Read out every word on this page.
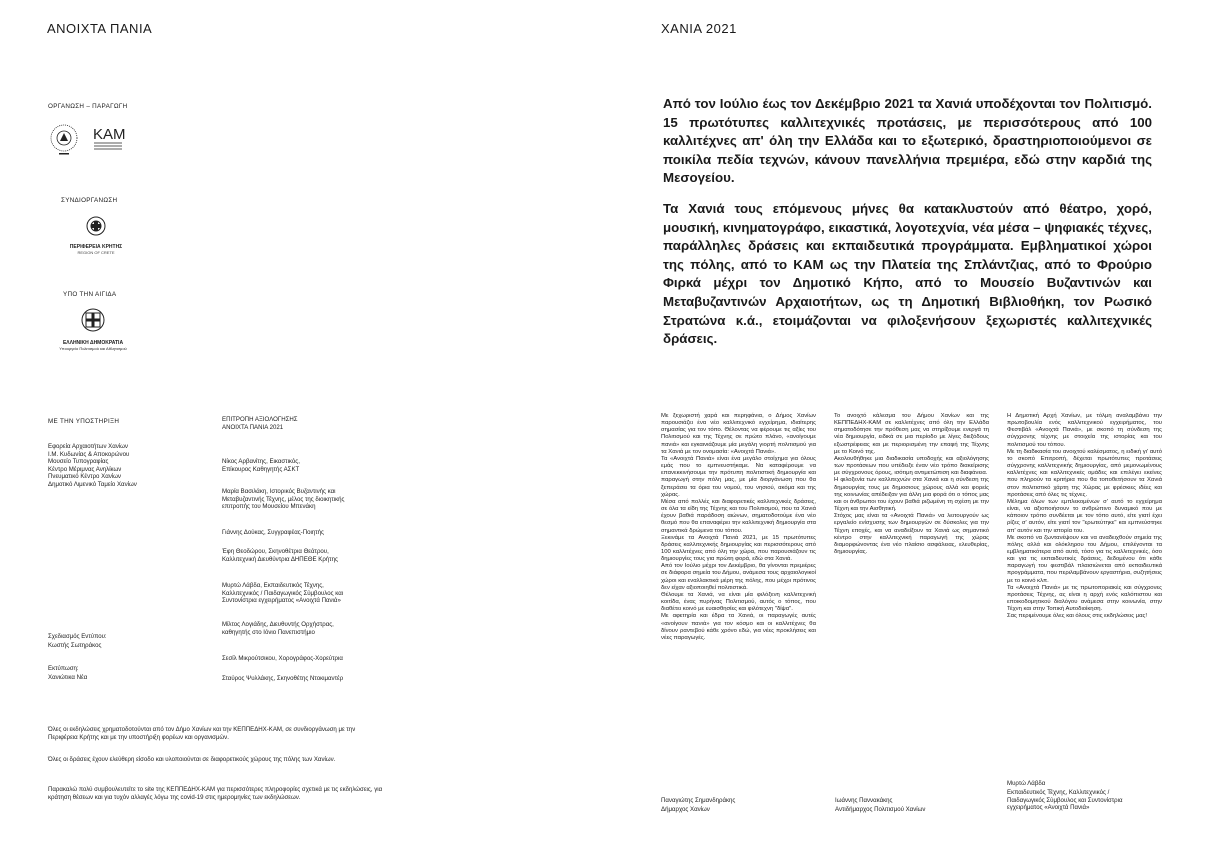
ΑΝΟΙΧΤΑ ΠΑΝΙΑ	ΧΑΝΙΑ 2021
ΟΡΓΑΝΩΣΗ – ΠΑΡΑΓΩΓΗ
KAM
ΣΥΝΔΙΟΡΓΑΝΩΣΗ
ΠΕΡΙΦΕΡΕΙΑ ΚΡΗΤΗΣ
REGION OF CRETE
ΥΠΟ ΤΗΝ ΑΙΓΙΔΑ
ΕΛΛΗΝΙΚΗ ΔΗΜΟΚΡΑΤΙΑ
Υπουργείο Πολιτισμού και Αθλητισμού
Από τον Ιούλιο έως τον Δεκέμβριο 2021 τα Χανιά υποδέχονται τον Πολιτισμό. 15 πρωτότυπες καλλιτεχνικές προτάσεις, με περισσότερους από 100 καλλιτέχνες απ' όλη την Ελλάδα και το εξωτερικό, δραστηριοποιούμενοι σε ποικίλα πεδία τεχνών, κάνουν πανελλήνια πρεμιέρα, εδώ στην καρδιά της Μεσογείου.
Τα Χανιά τους επόμενους μήνες θα κατακλυστούν από θέατρο, χορό, μουσική, κινηματογράφο, εικαστικά, λογοτεχνία, νέα μέσα – ψηφιακές τέχνες, παράλληλες δράσεις και εκπαιδευτικά προγράμματα. Εμβληματικοί χώροι της πόλης, από το ΚΑΜ ως την Πλατεία της Σπλάντζιας, από το Φρούριο Φιρκά μέχρι τον Δημοτικό Κήπο, από το Μουσείο Βυζαντινών και Μεταβυζαντινών Αρχαιοτήτων, ως τη Δημοτική Βιβλιοθήκη, τον Ρωσικό Στρατώνα κ.ά., ετοιμάζονται να φιλοξενήσουν ξεχωριστές καλλιτεχνικές δράσεις.
ΜΕ ΤΗΝ ΥΠΟΣΤΗΡΙΞΗ
Εφορεία Αρχαιοτήτων Χανίων
Ι.Μ. Κυδωνίας & Αποκορώνου
Μουσείο Τυπογραφίας
Κέντρο Μέριμνας Ανηλίκων
Πνευματικό Κέντρο Χανίων
Δημοτικό Λιμενικό Ταμείο Χανίων
ΕΠΙΤΡΟΠΗ ΑΞΙΟΛΟΓΗΣΗΣ
ΑΝΟΙΧΤΑ ΠΑΝΙΑ 2021
Νίκος Αρβανίτης, Εικαστικός,
Επίκουρος Καθηγητής ΑΣΚΤ
Μαρία Βασιλάκη, Ιστορικός Βυζαντινής και
Μεταβυζαντινής Τέχνης, μέλος της διοικητικής
επιτροπής του Μουσείου Μπενάκη
Γιάννης Δούκας, Συγγραφέας-Ποιητής
Έφη Θεοδώρου, Σκηνοθέτρια Θεάτρου,
Καλλιτεχνική Διευθύντρια ΔΗΠΕΘΕ Κρήτης
Μυρτώ Λάβδα, Εκπαιδευτικός Τέχνης,
Καλλιτεχνικός / Παιδαγωγικός Σύμβουλος και
Συντονίστρια εγχειρήματος «Ανοιχτά Πανιά»
Μίλτος Λογιάδης, Διευθυντής Ορχήστρας,
καθηγητής στο Ιόνιο Πανεπιστήμιο
Σεσίλ Μικρούτσικου, Χορογράφος-Χορεύτρια
Σταύρος Ψυλλάκης, Σκηνοθέτης Ντοκιμαντέρ
Σχεδιασμός Εντύπου:
Κωστής Σωτηράκος
Εκτύπωση:
Χανιώτικα Νέα
Όλες οι εκδηλώσεις χρηματοδοτούνται από τον Δήμο Χανίων και την ΚΕΠΠΕΔΗΧ-ΚΑΜ, σε συνδιοργάνωση με την Περιφέρεια Κρήτης και με την υποστήριξη φορέων και οργανισμών.
Όλες οι δράσεις έχουν ελεύθερη είσοδο και υλοποιούνται σε διαφορετικούς χώρους της πόλης των Χανίων.
Παρακαλώ πολύ συμβουλευτείτε το site της ΚΕΠΠΕΔΗΧ-ΚΑΜ για περισσότερες πληροφορίες σχετικά με τις εκδηλώσεις, για κράτηση θέσεων και για τυχόν αλλαγές λόγω της covid-19 στις ημερομηνίες των εκδηλώσεων.
Με ξεχωριστή χαρά και περηφάνια, ο Δήμος Χανίων παρουσιάζει ένα νέο καλλιτεχνικό εγχείρημα, ιδιαίτερης σημασίας για τον τόπο. Θέλοντας να φέρουμε τις αξίες του Πολιτισμού και της Τέχνης σε πρώτο πλάνο, «ανοίγουμε πανιά» και εγκαινιάζουμε μία μεγάλη γιορτή πολιτισμού για τα Χανιά με τον ονομασία: «Ανοιχτά Πανιά».
Τα «Ανοιχτά Πανιά» είναι ένα μεγάλο στοίχημα για όλους εμάς που το εμπνευστήκαμε. Να καταφέρουμε να επανεκκινήσουμε την πρότυπη πολιτιστική δημιουργία και παραγωγή στην πόλη μας, με μία διοργάνωση που θα ξεπεράσει τα όρια του νομού, του νησιού, ακόμα και της χώρας.
Μέσα από πολλές και διαφορετικές καλλιτεχνικές δράσεις, σε όλα τα είδη της Τέχνης και του Πολιτισμού, που τα Χανιά έχουν βαθιά παράδοση αιώνων, σηματοδοτούμε ένα νέο θεσμό που θα επαναφέρει την καλλιτεχνική δημιουργία στα σημαντικά δρώμενα του τόπου.
Ξεκινάμε τα Ανοιχτά Πανιά 2021, με 15 πρωτότυπες δράσεις καλλιτεχνικής δημιουργίας και περισσότερους από 100 καλλιτέχνες από όλη την χώρα, που παρουσιάζουν τις δημιουργίες τους για πρώτη φορά, εδώ στα Χανιά.
Από τον Ιούλιο μέχρι τον Δεκέμβριο, θα γίνονται πρεμιέρες σε διάφορα σημεία του Δήμου, ανάμεσα τους αρχαιολογικοί χώροι και εναλλακτικά μέρη της πόλης, που μέχρι πρότινος δεν είχαν αξιοποιηθεί πολιτιστικά.
Θέλουμε τα Χανιά, να είναι μία φιλόξενη καλλιτεχνική κοιτίδα, ένας πυρήνας Πολιτισμού, αυτός ο τόπος, που διαθέτει κοινό με ευαισθησίες και φιλότεχνη "δίψα".
Με αφετηρία και έδρα τα Χανιά, οι παραγωγές αυτές «ανοίγουν πανιά» για τον κόσμο και οι καλλιτέχνες θα δίνουν ραντεβού κάθε χρόνο εδώ, για νέες προκλήσεις και νέες παραγωγές.
Παναγιώτης Σημανδηράκης
Δήμαρχος Χανίων
Το ανοιχτό κάλεσμα του Δήμου Χανίων και της ΚΕΠΠΕΔΗΧ-ΚΑΜ σε καλλιτέχνες από όλη την Ελλάδα σηματοδότησε την πρόθεση μας να στηρίξουμε ενεργά τη νέα δημιουργία, ειδικά σε μια περίοδο με λίγες διεξόδους εξωστρέφειας και με περιορισμένη την επαφή της Τέχνης με το Κοινό της.
Ακολουθήθηκε μια διαδικασία υποδοχής και αξιολόγησης των προτάσεων που υπέδειξε έναν νέο τρόπο διακείρισης με σύγχρονους όρους, ισότιμη αντιμετώπιση και διαφάνεια.
Η φιλοξενία των καλλιτεχνών στα Χανιά και η σύνδεση της δημιουργίας τους με δημοσιους χώρους αλλά και φορείς της κοινωνίας απέδειξαν για άλλη μια φορά ότι ο τόπος μας και οι άνθρωποι του έχουν βαθιά ριζωμένη τη σχέση με την Τέχνη και την Αισθητική.
Στόχος μας είναι τα «Ανοιχτά Πανιά» να λειτουργούν ως εργαλείο ενίσχυσης των δημιουργών σε δύσκολες για την Τέχνη εποχές, και να αναδείξουν τα Χανιά ως σημαντικό κέντρο στην καλλιτεχνική παραγωγή της χώρας διαμορφώνοντας ένα νέο πλαίσιο ασφάλειας, ελευθερίας, δημιουργίας.
Ιωάννης Παννακάκης
Αντιδήμαρχος Πολιτισμού Χανίων
Η Δημοτική Αρχή Χανίων, με τόλμη αναλαμβάνει την πρωτοβουλία ενός καλλιτεχνικού εγχειρήματος, του Φεστιβάλ «Ανοιχτά Πανιά», με σκοπό τη σύνδεση της σύγχρονης τέχνης με στοιχεία της ιστορίας και του πολιτισμού του τόπου.
Με τη διαδικασία του ανοιχτού καλέσματος, η ειδική γι' αυτό το σκοπό Επιτροπή, δέχεται πρωτότυπες προτάσεις σύγχρονης καλλιτεχνικής δημιουργίας, από μεμονωμένους καλλιτέχνες και καλλιτεχνικές ομάδες και επιλέγει εκείνες που πληρούν τα κριτήρια που θα τοποθετήσουν τα Χανιά στον πολιτιστικό χάρτη της Χώρας με φρέσκιες ιδέες και προτάσεις από όλες τις τέχνες.
Μέλημα όλων των εμπλεκομένων σ' αυτό το εγχείρημα είναι, να αξιοποιήσουν το ανθρώπινο δυναμικό που με κάποιον τρόπο συνδέεται με τον τόπο αυτό, είτε γιατί έχει ρίζες σ' αυτόν, είτε γιατί τον "ερωτεύτηκε" και εμπνεύστηκε απ' αυτόν και την ιστορία του.
Με σκοπό να ζωντανέψουν και να αναδειχθούν σημεία της πόλης αλλά και ολόκληρου του Δήμου, επιλέγονται τα εμβληματικότερα από αυτά, τόσο για τις καλλιτεχνικές, όσο και για τις εκπαιδευτικές δράσεις, δεδομένου ότι κάθε παραγωγή του φεστιβάλ πλαισιώνεται από εκπαιδευτικά προγράμματα, που περιλαμβάνουν εργαστήρια, συζητήσεις με το κοινό κλπ.
Τα «Ανοιχτά Πανιά» με τις πρωτοποριακές και σύγχρονες προτάσεις Τέχνης, ας είναι η αρχή ενός καλόπιστου και εποικοδομητικού διαλόγου ανάμεσα στην κοινωνία, στην Τέχνη και στην Τοπική Αυτοδιοίκηση.
Σας περιμένουμε όλες και όλους στις εκδηλώσεις μας!
Μυρτώ Λάβδα
Εκπαιδευτικός Τέχνης, Καλλιτεχνικός /
Παιδαγωγικός Σύμβουλος και Συντονίστρια
εγχειρήματος «Ανοιχτά Πανιά»
